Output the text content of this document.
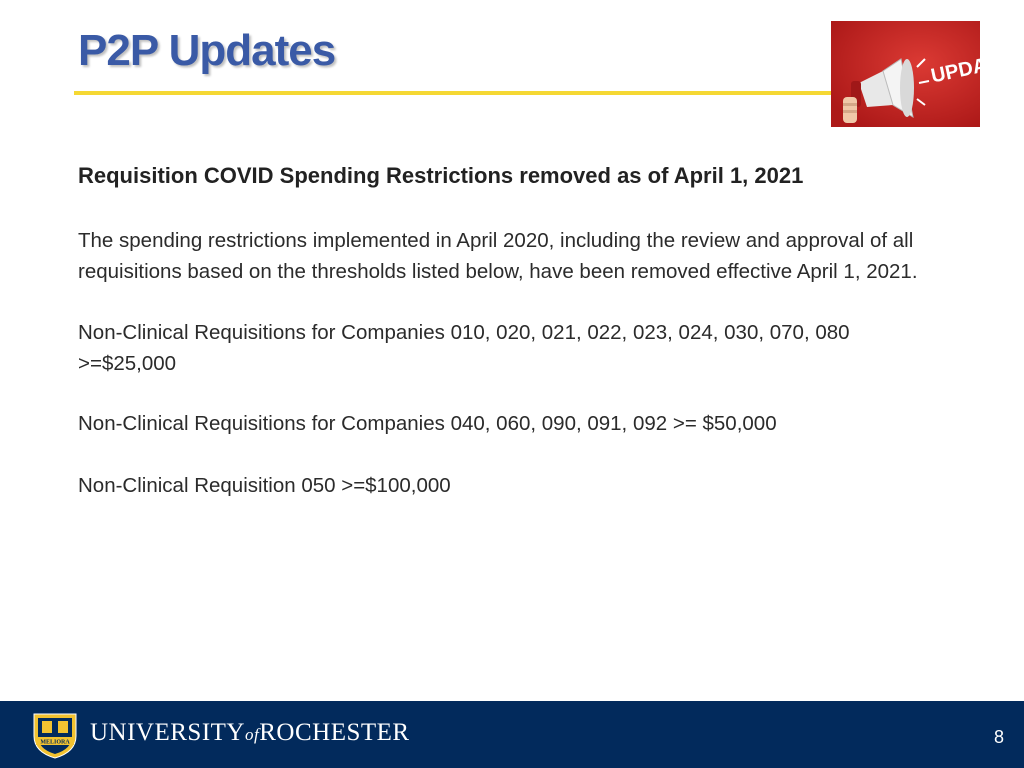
P2P Updates	UPDATE
Requisition COVID Spending Restrictions removed as of April 1, 2021
The spending restrictions implemented in April 2020, including the review and approval of all
requisitions based on the thresholds listed below, have been removed effective April 1, 2021.
Non-Clinical Requisitions for Companies 010, 020, 021, 022, 023, 024, 030, 070, 080
>=$25,000
Non-Clinical Requisitions for Companies 040, 060, 090, 091, 092 >= $50,000
Non-Clinical Requisition 050 >=$100,000
MELIORA UNIVERSITYofROCHESTER	8
